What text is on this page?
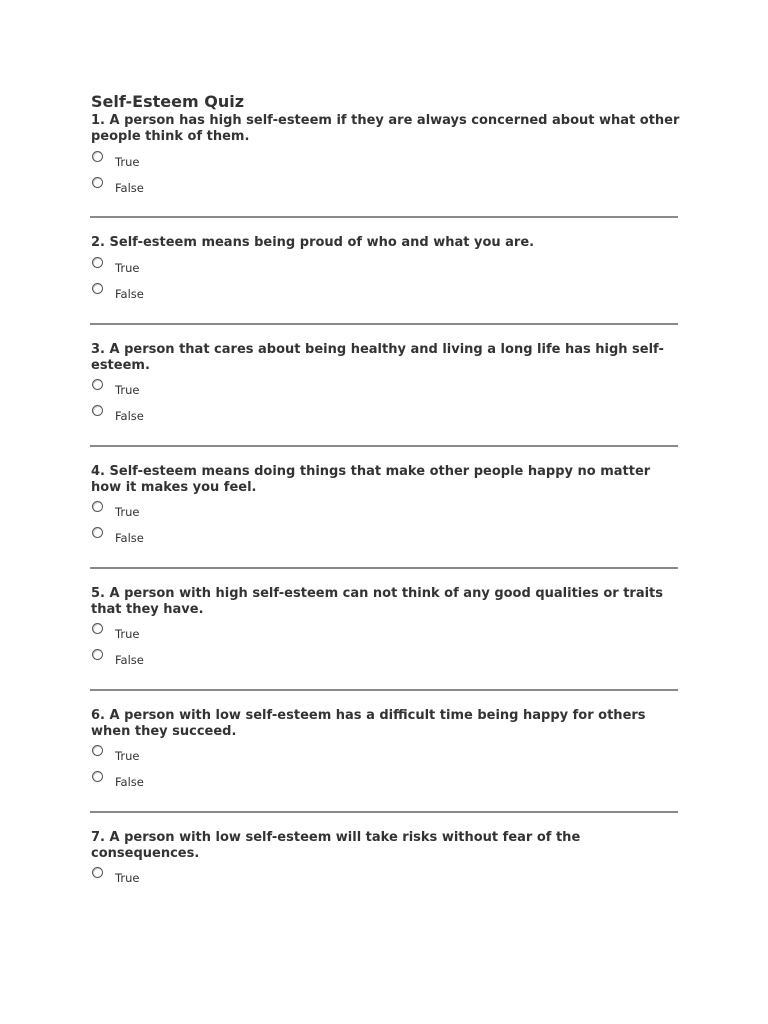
Self-Esteem Quiz

1. A person has high self-esteem if they are always concerned about what other people think of them.

True
False

2. Self-esteem means being proud of who and what you are.

True
False

3. A person that cares about being healthy and living a long life has high self-esteem.

True
False

4. Self-esteem means doing things that make other people happy no matter how it makes you feel.

True
False

5. A person with high self-esteem can not think of any good qualities or traits that they have.

True
False

6. A person with low self-esteem has a difficult time being happy for others when they succeed.

True
False

7. A person with low self-esteem will take risks without fear of the consequences.

True
